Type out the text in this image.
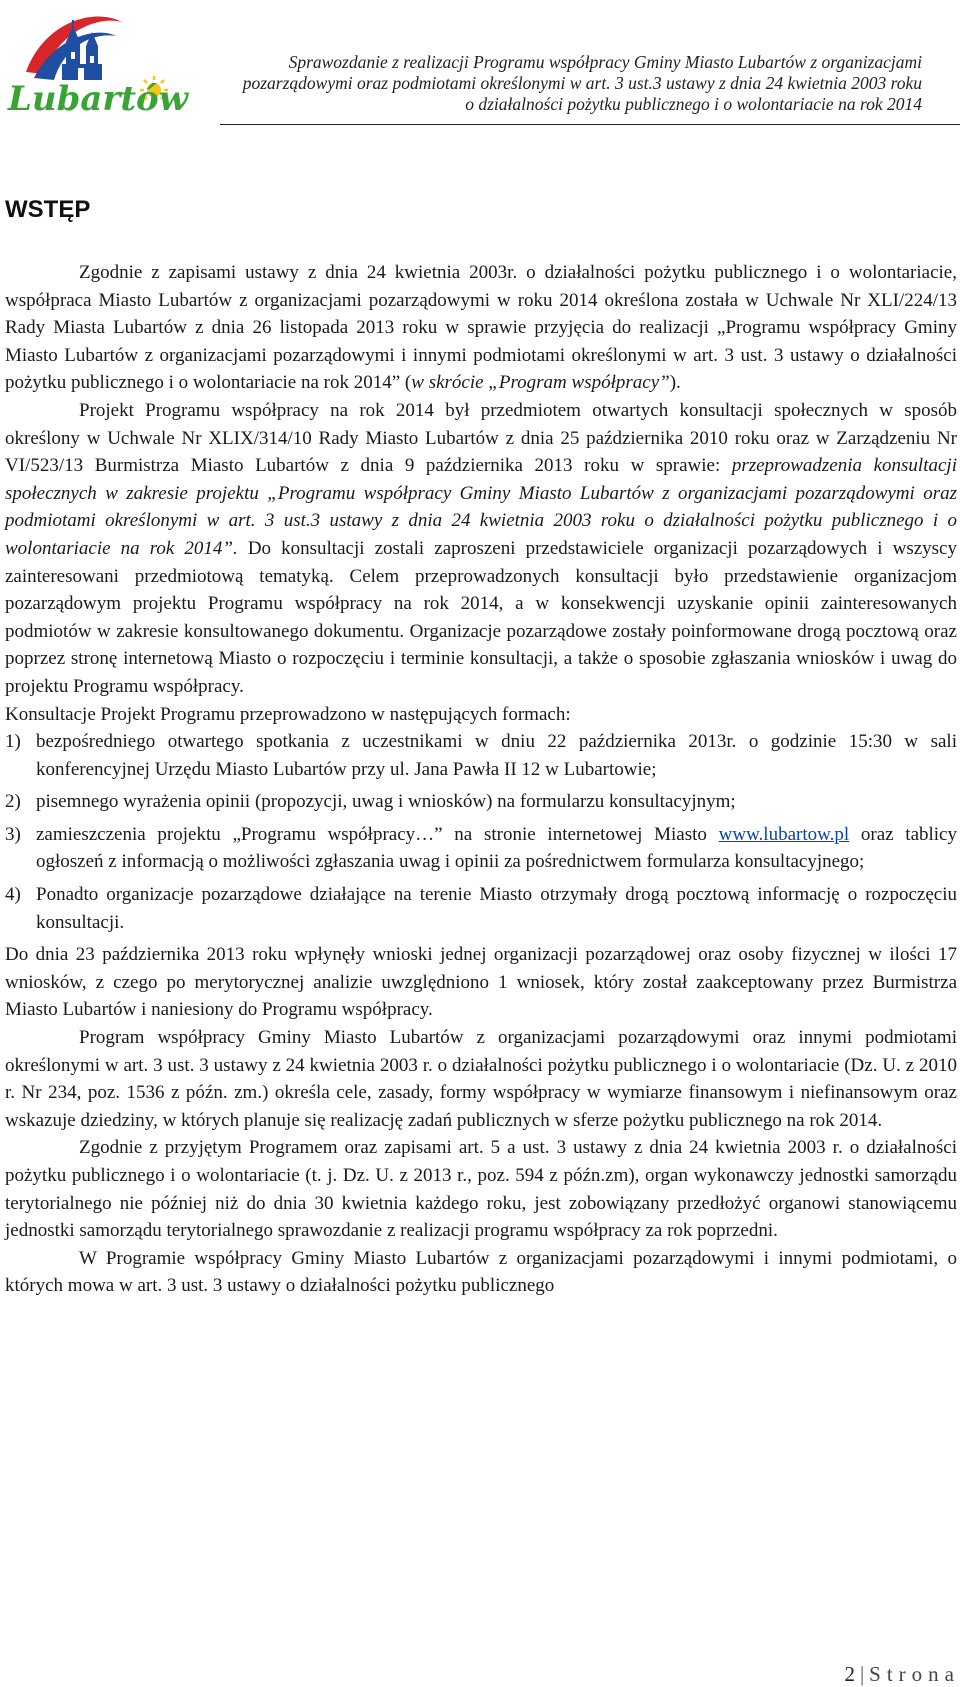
Lubartów
Sprawozdanie z realizacji Programu współpracy Gminy Miasto Lubartów z organizacjami
pozarządowymi oraz podmiotami określonymi w art. 3 ust.3 ustawy z dnia 24 kwietnia 2003 roku
o działalności pożytku publicznego i o wolontariacie na rok 2014
WSTĘP

Zgodnie z zapisami ustawy z dnia 24 kwietnia 2003r. o działalności pożytku publicznego i o wolontariacie, współpraca Miasto Lubartów z organizacjami pozarządowymi w roku 2014 określona została w Uchwale Nr XLI/224/13 Rady Miasta Lubartów z dnia 26 listopada 2013 roku w sprawie przyjęcia do realizacji „Programu współpracy Gminy Miasto Lubartów z organizacjami pozarządowymi i innymi podmiotami określonymi w art. 3 ust. 3 ustawy o działalności pożytku publicznego i o wolontariacie na rok 2014” (w skrócie „Program współpracy”).

Projekt Programu współpracy na rok 2014 był przedmiotem otwartych konsultacji społecznych w sposób określony w Uchwale Nr XLIX/314/10 Rady Miasto Lubartów z dnia 25 października 2010 roku oraz w Zarządzeniu Nr VI/523/13 Burmistrza Miasto Lubartów z dnia 9 października 2013 roku w sprawie: przeprowadzenia konsultacji społecznych w zakresie projektu „Programu współpracy Gminy Miasto Lubartów z organizacjami pozarządowymi oraz podmiotami określonymi w art. 3 ust.3 ustawy z dnia 24 kwietnia 2003 roku o działalności pożytku publicznego i o wolontariacie na rok 2014”. Do konsultacji zostali zaproszeni przedstawiciele organizacji pozarządowych i wszyscy zainteresowani przedmiotową tematyką. Celem przeprowadzonych konsultacji było przedstawienie organizacjom pozarządowym projektu Programu współpracy na rok 2014, a w konsekwencji uzyskanie opinii zainteresowanych podmiotów w zakresie konsultowanego dokumentu. Organizacje pozarządowe zostały poinformowane drogą pocztową oraz poprzez stronę internetową Miasto o rozpoczęciu i terminie konsultacji, a także o sposobie zgłaszania wniosków i uwag do projektu Programu współpracy.

Konsultacje Projekt Programu przeprowadzono w następujących formach:

1) bezpośredniego otwartego spotkania z uczestnikami w dniu 22 października 2013r. o godzinie 15:30 w sali konferencyjnej Urzędu Miasto Lubartów przy ul. Jana Pawła II 12 w Lubartowie;
2) pisemnego wyrażenia opinii (propozycji, uwag i wniosków) na formularzu konsultacyjnym;
3) zamieszczenia projektu „Programu współpracy…” na stronie internetowej Miasto www.lubartow.pl oraz tablicy ogłoszeń z informacją o możliwości zgłaszania uwag i opinii za pośrednictwem formularza konsultacyjnego;
4) Ponadto organizacje pozarządowe działające na terenie Miasto otrzymały drogą pocztową informację o rozpoczęciu konsultacji.

Do dnia 23 października 2013 roku wpłynęły wnioski jednej organizacji pozarządowej oraz osoby fizycznej w ilości 17 wniosków, z czego po merytorycznej analizie uwzględniono 1 wniosek, który został zaakceptowany przez Burmistrza Miasto Lubartów i naniesiony do Programu współpracy.

Program współpracy Gminy Miasto Lubartów z organizacjami pozarządowymi oraz innymi podmiotami określonymi w art. 3 ust. 3 ustawy z 24 kwietnia 2003 r. o działalności pożytku publicznego i o wolontariacie (Dz. U. z 2010 r. Nr 234, poz. 1536 z późn. zm.) określa cele, zasady, formy współpracy w wymiarze finansowym i niefinansowym oraz wskazuje dziedziny, w których planuje się realizację zadań publicznych w sferze pożytku publicznego na rok 2014.

Zgodnie z przyjętym Programem oraz zapisami art. 5 a ust. 3 ustawy z dnia 24 kwietnia 2003 r. o działalności pożytku publicznego i o wolontariacie (t. j. Dz. U. z 2013 r., poz. 594 z późn.zm), organ wykonawczy jednostki samorządu terytorialnego nie później niż do dnia 30 kwietnia każdego roku, jest zobowiązany przedłożyć organowi stanowiącemu jednostki samorządu terytorialnego sprawozdanie z realizacji programu współpracy za rok poprzedni.

W Programie współpracy Gminy Miasto Lubartów z organizacjami pozarządowymi i innymi podmiotami, o których mowa w art. 3 ust. 3 ustawy o działalności pożytku publicznego

2 | Strona
